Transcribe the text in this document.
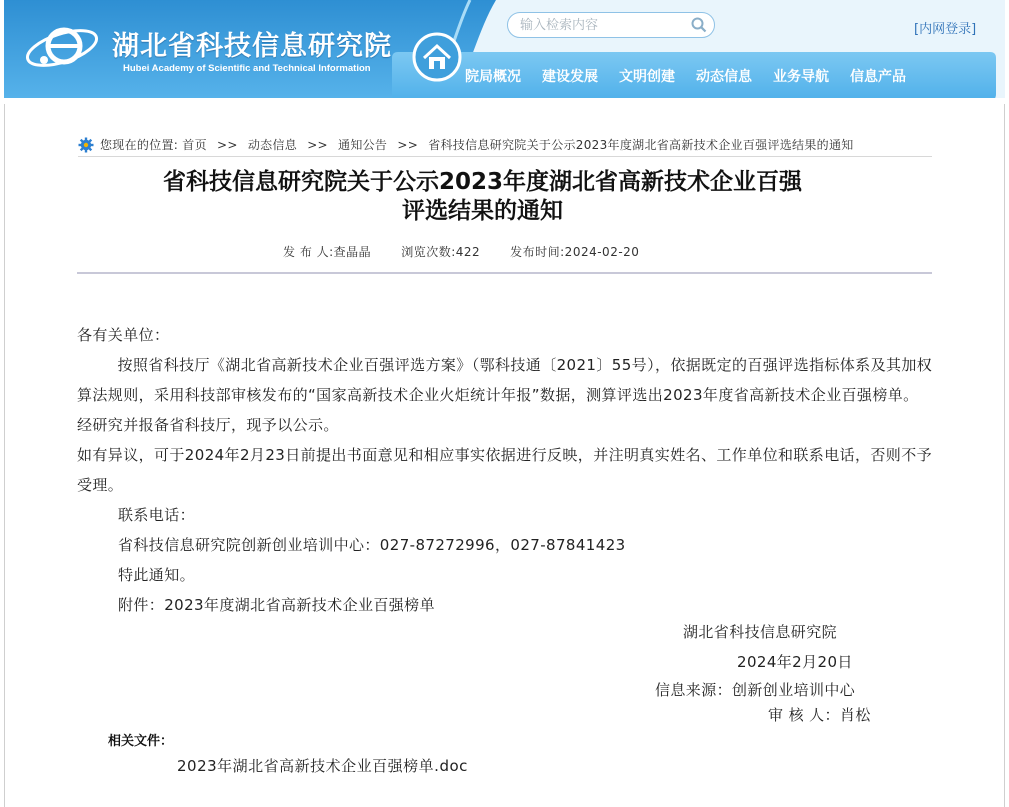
湖北省科技信息研究院
Hubei Academy of Scientific and Technical Information
输入检索内容
[内网登录]
院局概况 建设发展 文明创建 动态信息 业务导航 信息产品
您现在的位置: 首页 >> 动态信息 >> 通知公告 >> 省科技信息研究院关于公示2023年度湖北省高新技术企业百强评选结果的通知
省科技信息研究院关于公示2023年度湖北省高新技术企业百强
评选结果的通知
发 布 人:查晶晶	浏览次数:422	发布时间:2024-02-20

各有关单位：

按照省科技厅《湖北省高新技术企业百强评选方案》（鄂科技通〔2021〕55号），依据既定的百强评选指标体系及其加权算法规则，采用科技部审核发布的“国家高新技术企业火炬统计年报”数据，测算评选出2023年度省高新技术企业百强榜单。经研究并报备省科技厅，现予以公示。

如有异议，可于2024年2月23日前提出书面意见和相应事实依据进行反映，并注明真实姓名、工作单位和联系电话，否则不予受理。

联系电话：

省科技信息研究院创新创业培训中心：027-87272996，027-87841423

特此通知。

附件：2023年度湖北省高新技术企业百强榜单

湖北省科技信息研究院
2024年2月20日
信息来源：创新创业培训中心
审 核 人：肖松
相关文件：
2023年湖北省高新技术企业百强榜单.doc
